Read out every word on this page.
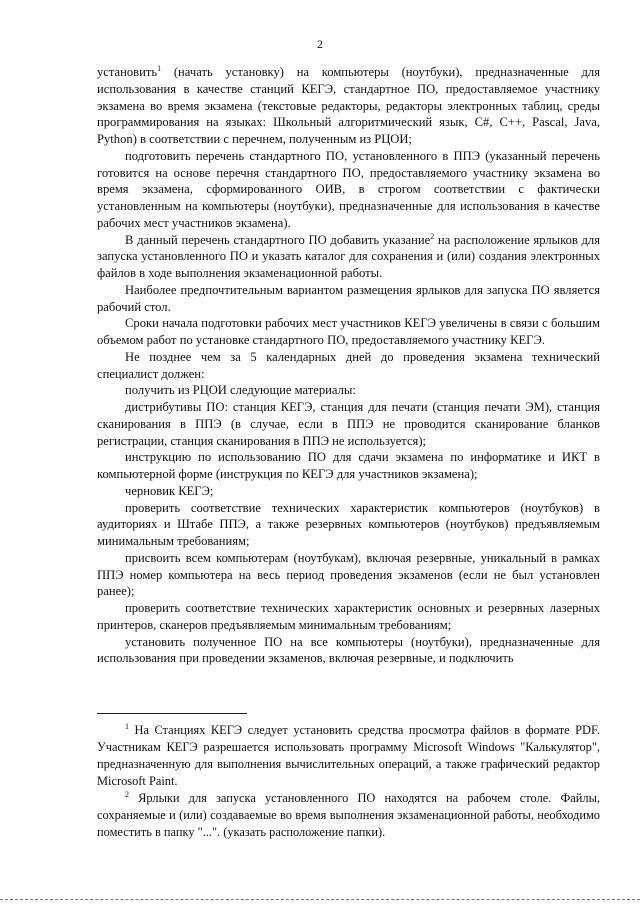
2

установить$^1$ (начать установку) на компьютеры (ноутбуки), предназначенные для использования в качестве станций КЕГЭ, стандартное ПО, предоставляемое участнику экзамена во время экзамена (текстовые редакторы, редакторы электронных таблиц, среды программирования на языках: Школьный алгоритмический язык, C#, C++, Pascal, Java, Python) в соответствии с перечнем, полученным из РЦОИ;

подготовить перечень стандартного ПО, установленного в ППЭ (указанный перечень готовится на основе перечня стандартного ПО, предоставляемого участнику экзамена во время экзамена, сформированного ОИВ, в строгом соответствии с фактически установленным на компьютеры (ноутбуки), предназначенные для использования в качестве рабочих мест участников экзамена).

В данный перечень стандартного ПО добавить указание$^2$ на расположение ярлыков для запуска установленного ПО и указать каталог для сохранения и (или) создания электронных файлов в ходе выполнения экзаменационной работы.

Наиболее предпочтительным вариантом размещения ярлыков для запуска ПО является рабочий стол.

Сроки начала подготовки рабочих мест участников КЕГЭ увеличены в связи с большим объемом работ по установке стандартного ПО, предоставляемого участнику КЕГЭ.

Не позднее чем за 5 календарных дней до проведения экзамена технический специалист должен:

получить из РЦОИ следующие материалы:

дистрибутивы ПО: станция КЕГЭ, станция для печати (станция печати ЭМ), станция сканирования в ППЭ (в случае, если в ППЭ не проводится сканирование бланков регистрации, станция сканирования в ППЭ не используется);

инструкцию по использованию ПО для сдачи экзамена по информатике и ИКТ в компьютерной форме (инструкция по КЕГЭ для участников экзамена);

черновик КЕГЭ;

проверить соответствие технических характеристик компьютеров (ноутбуков) в аудиториях и Штабе ППЭ, а также резервных компьютеров (ноутбуков) предъявляемым минимальным требованиям;

присвоить всем компьютерам (ноутбукам), включая резервные, уникальный в рамках ППЭ номер компьютера на весь период проведения экзаменов (если не был установлен ранее);

проверить соответствие технических характеристик основных и резервных лазерных принтеров, сканеров предъявляемым минимальным требованиям;

установить полученное ПО на все компьютеры (ноутбуки), предназначенные для использования при проведении экзаменов, включая резервные, и подключить

$^1$ На Станциях КЕГЭ следует установить средства просмотра файлов в формате PDF. Участникам КЕГЭ разрешается использовать программу Microsoft Windows "Калькулятор", предназначенную для выполнения вычислительных операций, а также графический редактор Microsoft Paint.

$^2$ Ярлыки для запуска установленного ПО находятся на рабочем столе. Файлы, сохраняемые и (или) создаваемые во время выполнения экзаменационной работы, необходимо поместить в папку "...". (указать расположение папки).
